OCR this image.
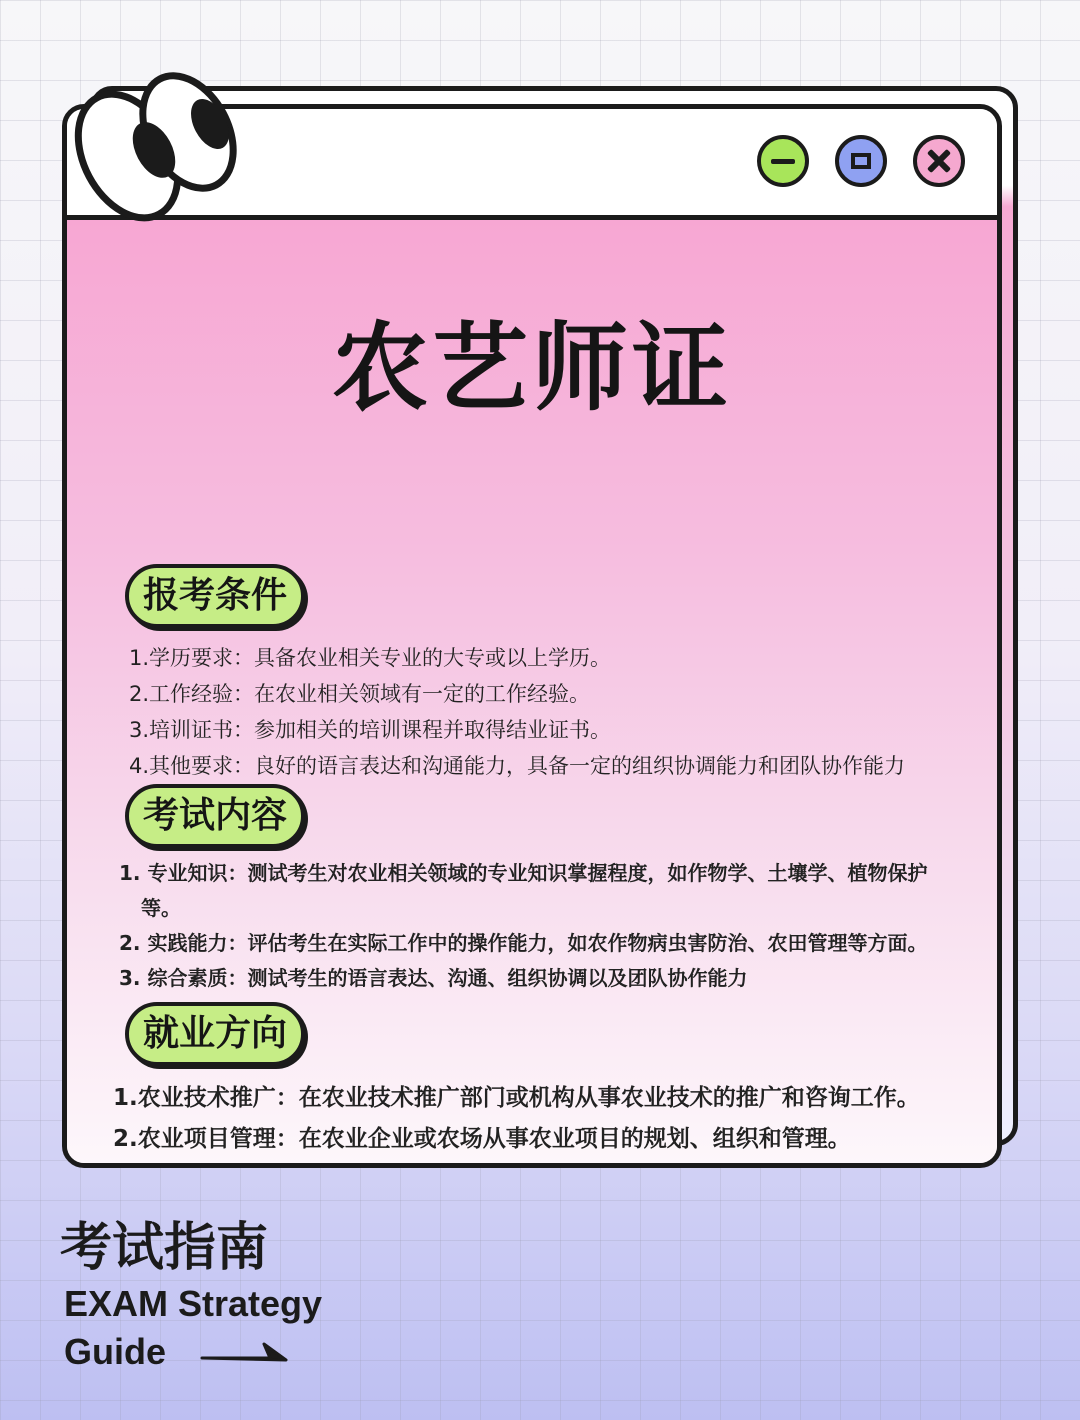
农艺师证
报考条件
1.学历要求：具备农业相关专业的大专或以上学历。
2.工作经验：在农业相关领域有一定的工作经验。
3.培训证书：参加相关的培训课程并取得结业证书。
4.其他要求：良好的语言表达和沟通能力，具备一定的组织协调能力和团队协作能力
考试内容
1. 专业知识：测试考生对农业相关领域的专业知识掌握程度，如作物学、土壤学、植物保护
等。
2. 实践能力：评估考生在实际工作中的操作能力，如农作物病虫害防治、农田管理等方面。
3. 综合素质：测试考生的语言表达、沟通、组织协调以及团队协作能力
就业方向
1.农业技术推广：在农业技术推广部门或机构从事农业技术的推广和咨询工作。
2.农业项目管理：在农业企业或农场从事农业项目的规划、组织和管理。
考试指南
EXAM Strategy
Guide
